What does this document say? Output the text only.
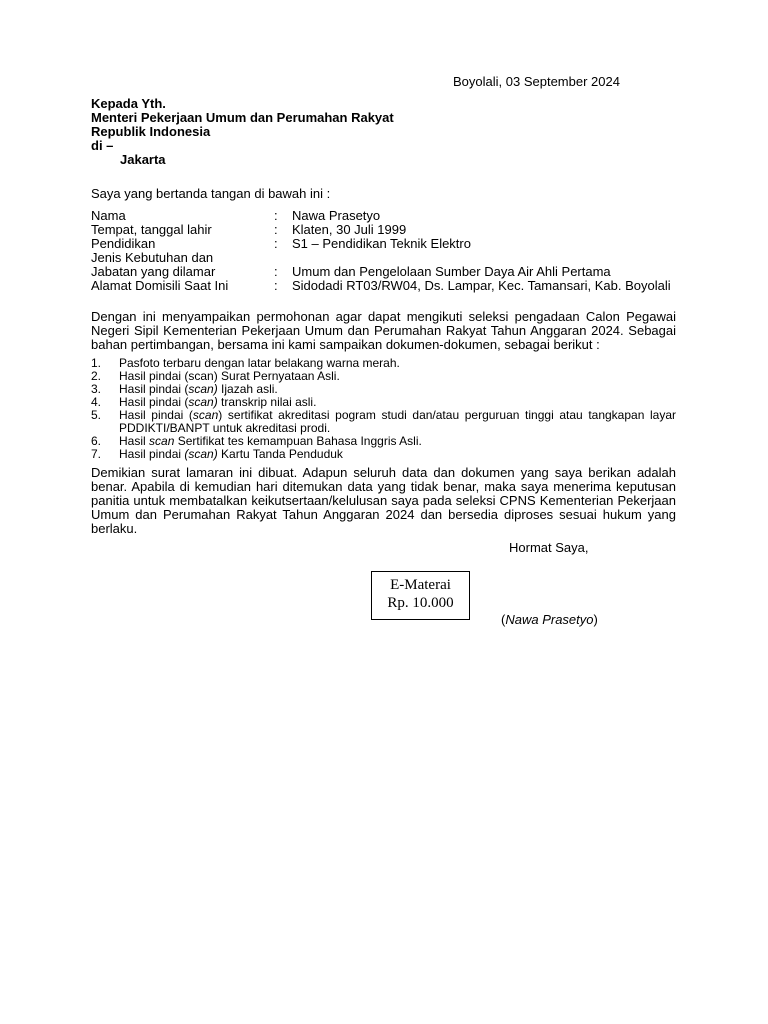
Boyolali, 03 September 2024
Kepada Yth.
Menteri Pekerjaan Umum dan Perumahan Rakyat
Republik Indonesia
di –
Jakarta
Saya yang bertanda tangan di bawah ini :
Nama	: Nawa Prasetyo
Tempat, tanggal lahir	: Klaten, 30 Juli 1999
Pendidikan	: S1 – Pendidikan Teknik Elektro
Jenis Kebutuhan dan
Jabatan yang dilamar	: Umum dan Pengelolaan Sumber Daya Air Ahli Pertama
Alamat Domisili Saat Ini	: Sidodadi RT03/RW04, Ds. Lampar, Kec. Tamansari, Kab. Boyolali
Dengan ini menyampaikan permohonan agar dapat mengikuti seleksi pengadaan Calon Pegawai Negeri Sipil Kementerian Pekerjaan Umum dan Perumahan Rakyat Tahun Anggaran 2024. Sebagai bahan pertimbangan, bersama ini kami sampaikan dokumen-dokumen, sebagai berikut :
1. Pasfoto terbaru dengan latar belakang warna merah.
2. Hasil pindai (scan) Surat Pernyataan Asli.
3. Hasil pindai (scan) Ijazah asli.
4. Hasil pindai (scan) transkrip nilai asli.
5. Hasil pindai (scan) sertifikat akreditasi pogram studi dan/atau perguruan tinggi atau tangkapan layar PDDIKTI/BANPT untuk akreditasi prodi.
6. Hasil scan Sertifikat tes kemampuan Bahasa Inggris Asli.
7. Hasil pindai (scan) Kartu Tanda Penduduk
Demikian surat lamaran ini dibuat. Adapun seluruh data dan dokumen yang saya berikan adalah benar. Apabila di kemudian hari ditemukan data yang tidak benar, maka saya menerima keputusan panitia untuk membatalkan keikutsertaan/kelulusan saya pada seleksi CPNS Kementerian Pekerjaan Umum dan Perumahan Rakyat Tahun Anggaran 2024 dan bersedia diproses sesuai hukum yang berlaku.
Hormat Saya,
E-Materai
Rp. 10.000
(Nawa Prasetyo)
